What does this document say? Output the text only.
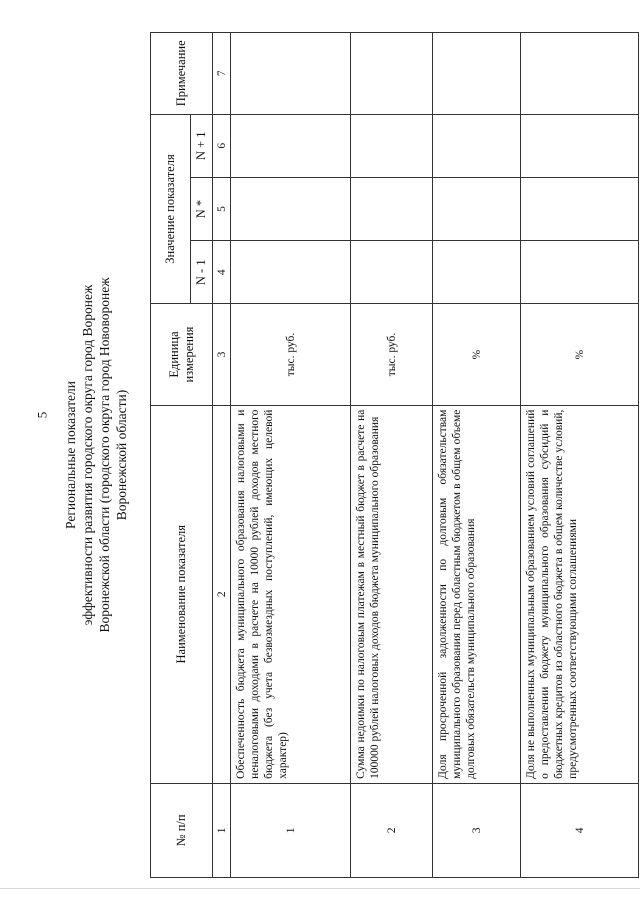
5 Региональные показатели эффективности развития городского округа город Воронеж Воронежской области (городского округа город Нововоронеж Воронежской области)
№ п/п	Наименование показателя	Единица измерения	Значение показателя			Примечание
			N - 1	N *	N + 1	
1	2	3	4	5	6	7
1	Обеспеченность бюджета муниципального образования налоговыми и неналоговыми доходами в расчете на 10000 рублей доходов местного бюджета (без учета безвозмездных поступлений, имеющих целевой характер)	тыс. руб.				
2	Сумма недоимки по налоговым платежам в местный бюджет в расчете на 100000 рублей налоговых доходов бюджета муниципального образования	тыс. руб.				
3	Доля просроченной задолженности по долговым обязательствам муниципального образования перед областным бюджетом в общем объеме долговых обязательств муниципального образования	%				
4	Доля не выполненных муниципальным образованием условий соглашений о предоставлении бюджету муниципального образования субсидий и бюджетных кредитов из областного бюджета в общем количестве условий, предусмотренных соответствующими соглашениями	%				
